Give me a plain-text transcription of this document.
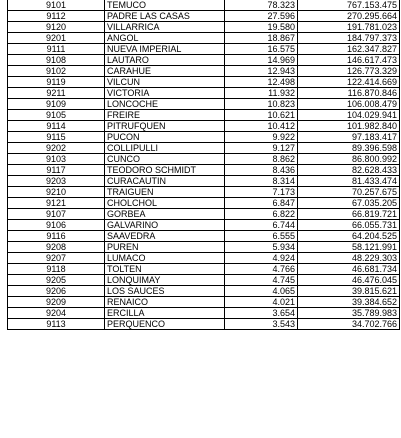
9101	TEMUCO	78.323	767.153.475
9112	PADRE LAS CASAS	27.596	270.295.664
9120	VILLARRICA	19.580	191.781.023
9201	ANGOL	18.867	184.797.373
9111	NUEVA IMPERIAL	16.575	162.347.827
9108	LAUTARO	14.969	146.617.473
9102	CARAHUE	12.943	126.773.329
9119	VILCUN	12.498	122.414.669
9211	VICTORIA	11.932	116.870.846
9109	LONCOCHE	10.823	106.008.479
9105	FREIRE	10.621	104.029.941
9114	PITRUFQUEN	10.412	101.982.840
9115	PUCON	9.922	97.183.417
9202	COLLIPULLI	9.127	89.396.598
9103	CUNCO	8.862	86.800.992
9117	TEODORO SCHMIDT	8.436	82.628.433
9203	CURACAUTIN	8.314	81.433.474
9210	TRAIGUEN	7.173	70.257.675
9121	CHOLCHOL	6.847	67.035.205
9107	GORBEA	6.822	66.819.721
9106	GALVARINO	6.744	66.055.731
9116	SAAVEDRA	6.555	64.204.525
9208	PUREN	5.934	58.121.991
9207	LUMACO	4.924	48.229.303
9118	TOLTEN	4.766	46.681.734
9205	LONQUIMAY	4.745	46.476.045
9206	LOS SAUCES	4.065	39.815.621
9209	RENAICO	4.021	39.384.652
9204	ERCILLA	3.654	35.789.983
9113	PERQUENCO	3.543	34.702.766
